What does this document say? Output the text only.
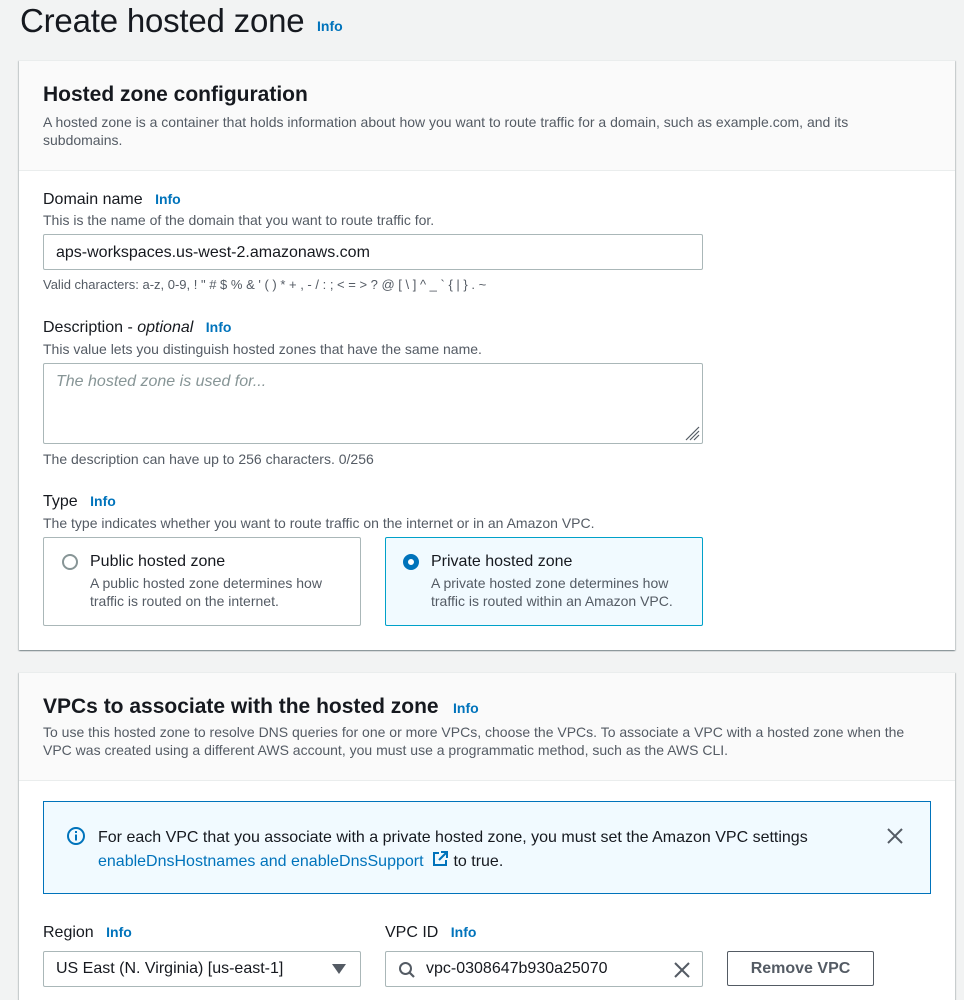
Create hosted zone Info
Hosted zone configuration
A hosted zone is a container that holds information about how you want to route traffic for a domain, such as example.com, and its subdomains.
Domain name Info
This is the name of the domain that you want to route traffic for.
aps-workspaces.us-west-2.amazonaws.com
Valid characters: a-z, 0-9, ! " # $ % & ' ( ) * + , - / : ; < = > ? @ [ \ ] ^ _ ` { | } . ~
Description - optional Info
This value lets you distinguish hosted zones that have the same name.
The hosted zone is used for...
The description can have up to 256 characters. 0/256
Type Info
The type indicates whether you want to route traffic on the internet or in an Amazon VPC.
Public hosted zone
A public hosted zone determines how
traffic is routed on the internet.
Private hosted zone
A private hosted zone determines how
traffic is routed within an Amazon VPC.
VPCs to associate with the hosted zone Info
To use this hosted zone to resolve DNS queries for one or more VPCs, choose the VPCs. To associate a VPC with a hosted zone when the VPC was created using a different AWS account, you must use a programmatic method, such as the AWS CLI.
For each VPC that you associate with a private hosted zone, you must set the Amazon VPC settings
enableDnsHostnames and enableDnsSupport  to true.
Region Info
US East (N. Virginia) [us-east-1]
VPC ID Info
vpc-0308647b930a25070	Remove VPC
